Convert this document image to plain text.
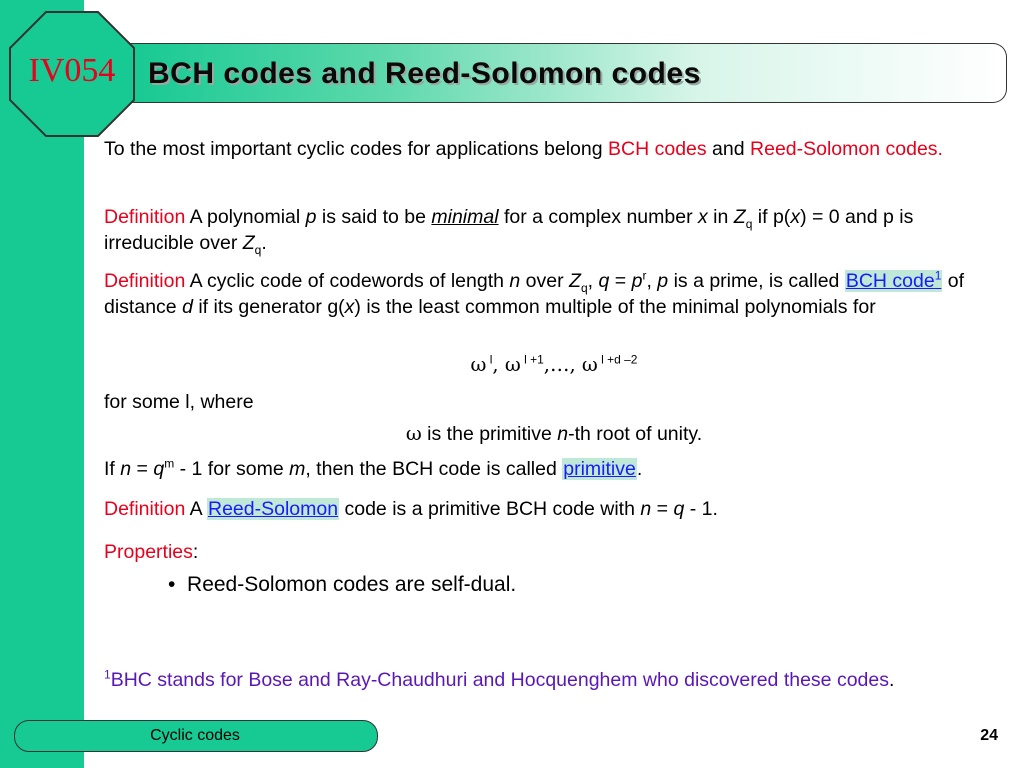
IV054	BCH codes and Reed-Solomon codes
To the most important cyclic codes for applications belong BCH codes and Reed-Solomon codes.
Definition A polynomial p is said to be minimal for a complex number x in $Z_q$ if p(x) = 0 and p is irreducible over $Z_q$.
Definition A cyclic code of codewords of length n over $Z_q$, $q = p^r$, p is a prime, is called BCH code$^1$ of distance d if its generator g(x) is the least common multiple of the minimal polynomials for
ω $^l$, ω $^{l +1}$,…, ω $^{l +d -2}$
for some l, where
ω is the primitive n-th root of unity.
If $n = q^m - 1$ for some m, then the BCH code is called primitive.
Definition A Reed-Solomon code is a primitive BCH code with n = q - 1.
Properties:
• Reed-Solomon codes are self-dual.
$^1$BHC stands for Bose and Ray-Chaudhuri and Hocquenghem who discovered these codes.
Cyclic codes	24
